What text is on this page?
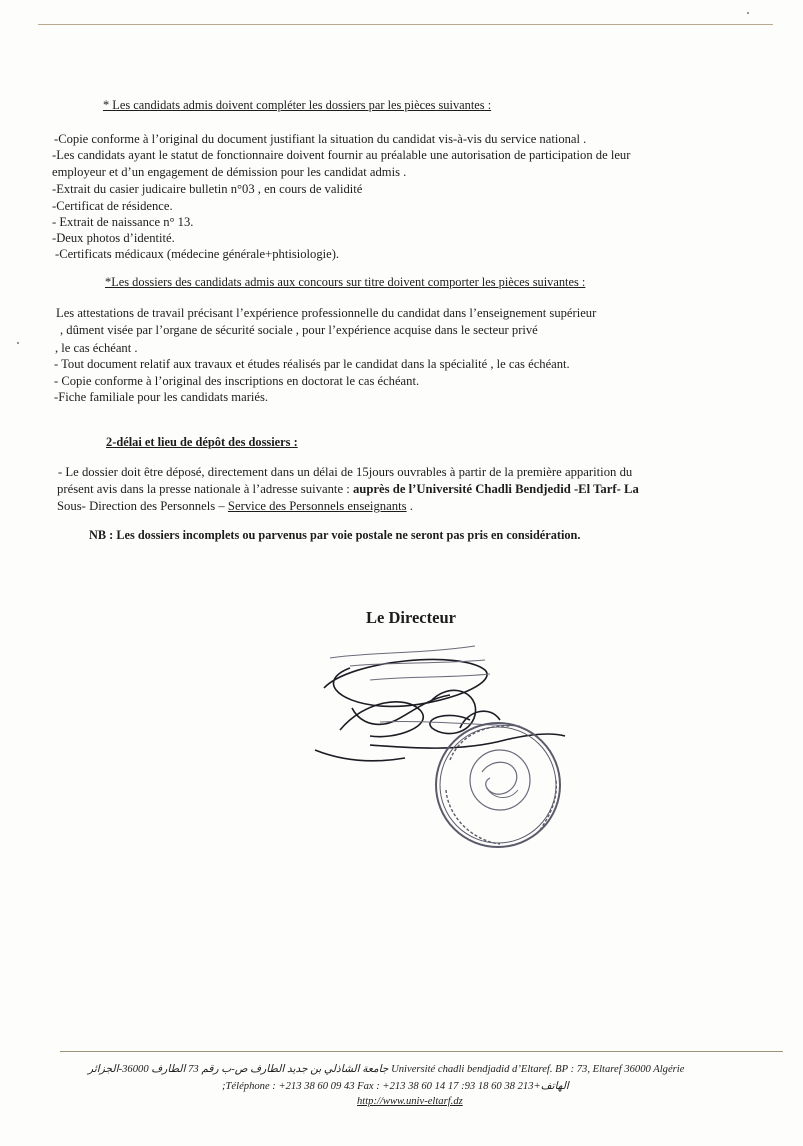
* Les candidats admis doivent compléter les dossiers par les pièces suivantes :
-Copie conforme à l’original du document justifiant la situation du candidat vis-à-vis du service national .
-Les candidats ayant le statut de fonctionnaire doivent fournir au préalable une autorisation de participation de leur
employeur et d’un engagement de démission pour les candidat admis .
-Extrait du casier judicaire bulletin n°03 , en cours de validité
-Certificat de résidence.
- Extrait de naissance n° 13.
-Deux photos d’identité.
-Certificats médicaux (médecine générale+phtisiologie).
*Les dossiers des candidats admis aux concours sur titre doivent comporter les pièces suivantes :
Les attestations de travail précisant l’expérience professionnelle du candidat dans l’enseignement supérieur
, dûment visée par l’organe de sécurité sociale , pour l’expérience acquise dans le secteur privé
, le cas échéant .
- Tout document relatif aux travaux et études réalisés par le candidat dans la spécialité , le cas échéant.
- Copie conforme à l’original des inscriptions en doctorat le cas échéant.
-Fiche familiale pour les candidats mariés.
2-délai et lieu de dépôt des dossiers :
- Le dossier doit être déposé, directement dans un délai de 15jours ouvrables à partir de la première apparition du
présent avis dans la presse nationale à l’adresse suivante : auprès de l’Université Chadli Bendjedid -El Tarf- La
Sous- Direction des Personnels – Service des Personnels enseignants .
NB : Les dossiers incomplets ou parvenus par voie postale ne seront pas pris en considération.
Le Directeur
جامعة الشاذلي بن جديد الطارف ص-ب رقم 73 الطارف 36000-الجزائر Université chadli bendjadid d’Eltaref. BP : 73, Eltaref 36000 Algérie
;Téléphone : +213 38 60 09 43 Fax : +213 38 60 14 17 :الهاتف+213 38 60 18 93
http://www.univ-eltarf.dz
